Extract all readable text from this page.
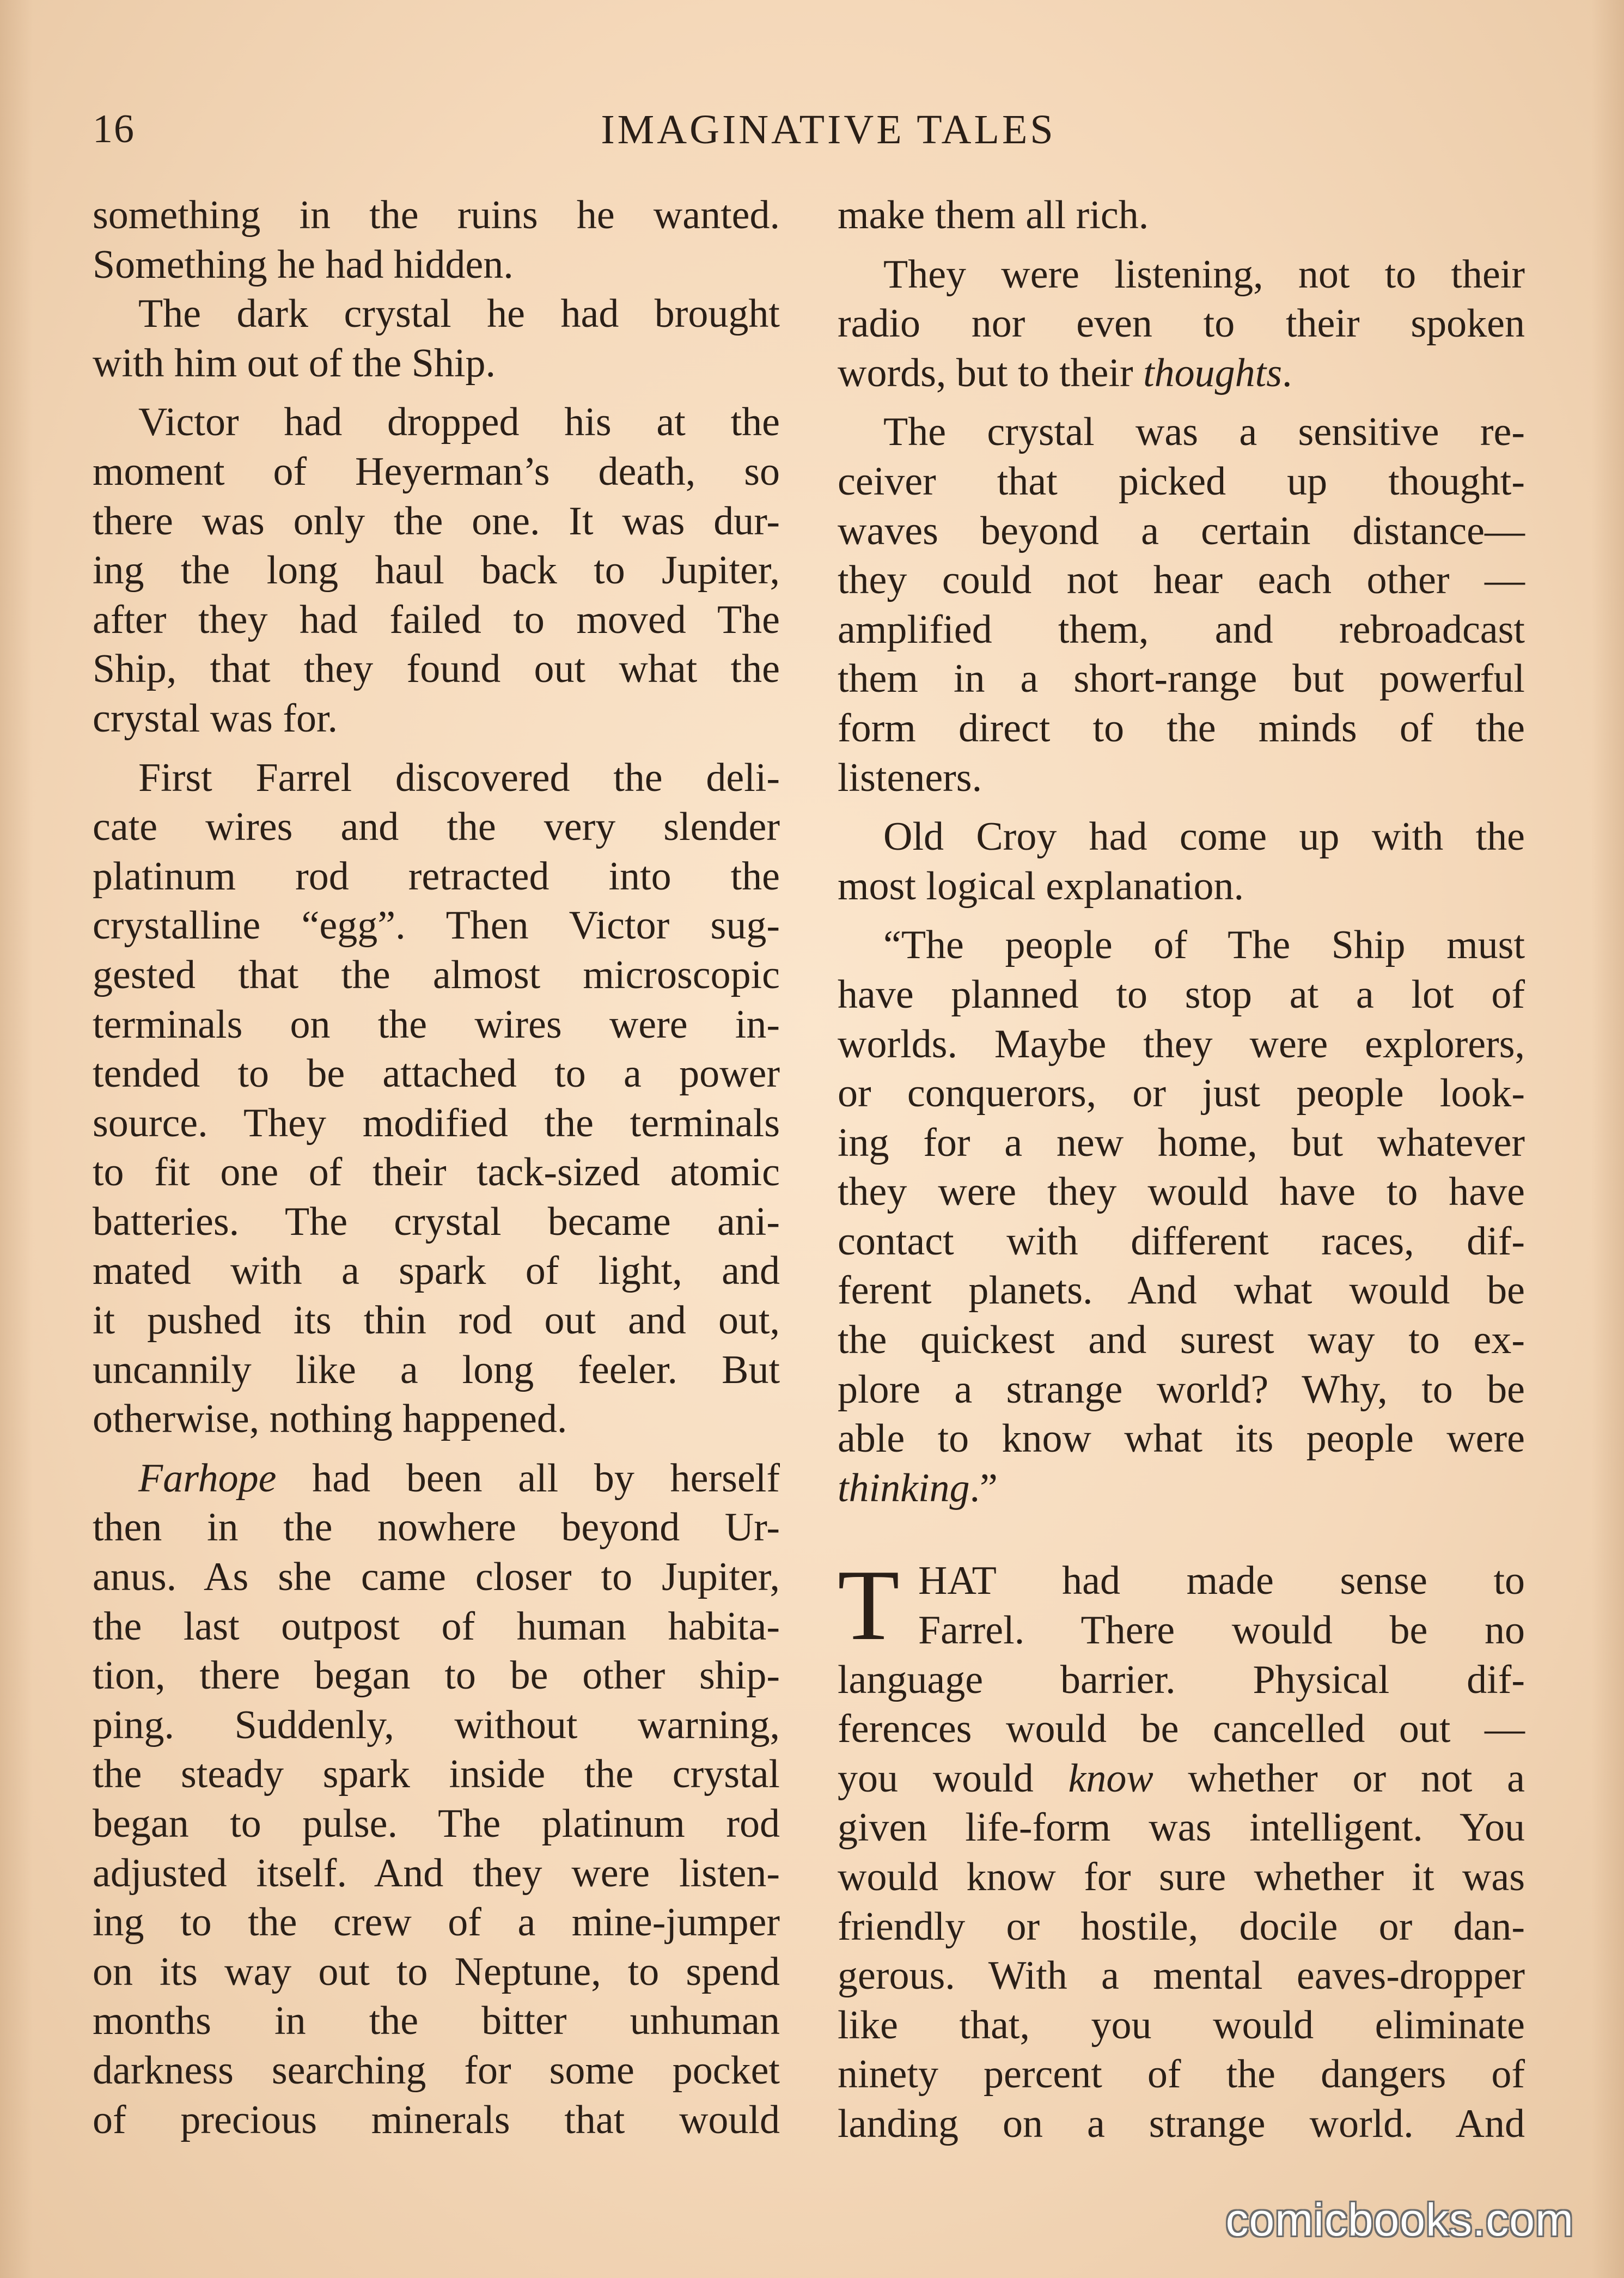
16	IMAGINATIVE TALES
something in the ruins he wanted.
Something he had hidden.
The dark crystal he had brought
with him out of the Ship.
Victor had dropped his at the
moment of Heyerman’s death, so
there was only the one. It was dur-
ing the long haul back to Jupiter,
after they had failed to moved The
Ship, that they found out what the
crystal was for.
First Farrel discovered the deli-
cate wires and the very slender
platinum rod retracted into the
crystalline “egg”. Then Victor sug-
gested that the almost microscopic
terminals on the wires were in-
tended to be attached to a power
source. They modified the terminals
to fit one of their tack-sized atomic
batteries. The crystal became ani-
mated with a spark of light, and
it pushed its thin rod out and out,
uncannily like a long feeler. But
otherwise, nothing happened.
Farhope had been all by herself
then in the nowhere beyond Ur-
anus. As she came closer to Jupiter,
the last outpost of human habita-
tion, there began to be other ship-
ping. Suddenly, without warning,
the steady spark inside the crystal
began to pulse. The platinum rod
adjusted itself. And they were listen-
ing to the crew of a mine-jumper
on its way out to Neptune, to spend
months in the bitter unhuman
darkness searching for some pocket
of precious minerals that would
make them all rich.
They were listening, not to their
radio nor even to their spoken
words, but to their thoughts.
The crystal was a sensitive re-
ceiver that picked up thought-
waves beyond a certain distance—
they could not hear each other —
amplified them, and rebroadcast
them in a short-range but powerful
form direct to the minds of the
listeners.
Old Croy had come up with the
most logical explanation.
“The people of The Ship must
have planned to stop at a lot of
worlds. Maybe they were explorers,
or conquerors, or just people look-
ing for a new home, but whatever
they were they would have to have
contact with different races, dif-
ferent planets. And what would be
the quickest and surest way to ex-
plore a strange world? Why, to be
able to know what its people were
thinking.”
T HAT had made sense to
Farrel. There would be no
language barrier. Physical dif-
ferences would be cancelled out —
you would know whether or not a
given life-form was intelligent. You
would know for sure whether it was
friendly or hostile, docile or dan-
gerous. With a mental eaves-dropper
like that, you would eliminate
ninety percent of the dangers of
landing on a strange world. And
comicbooks.com
